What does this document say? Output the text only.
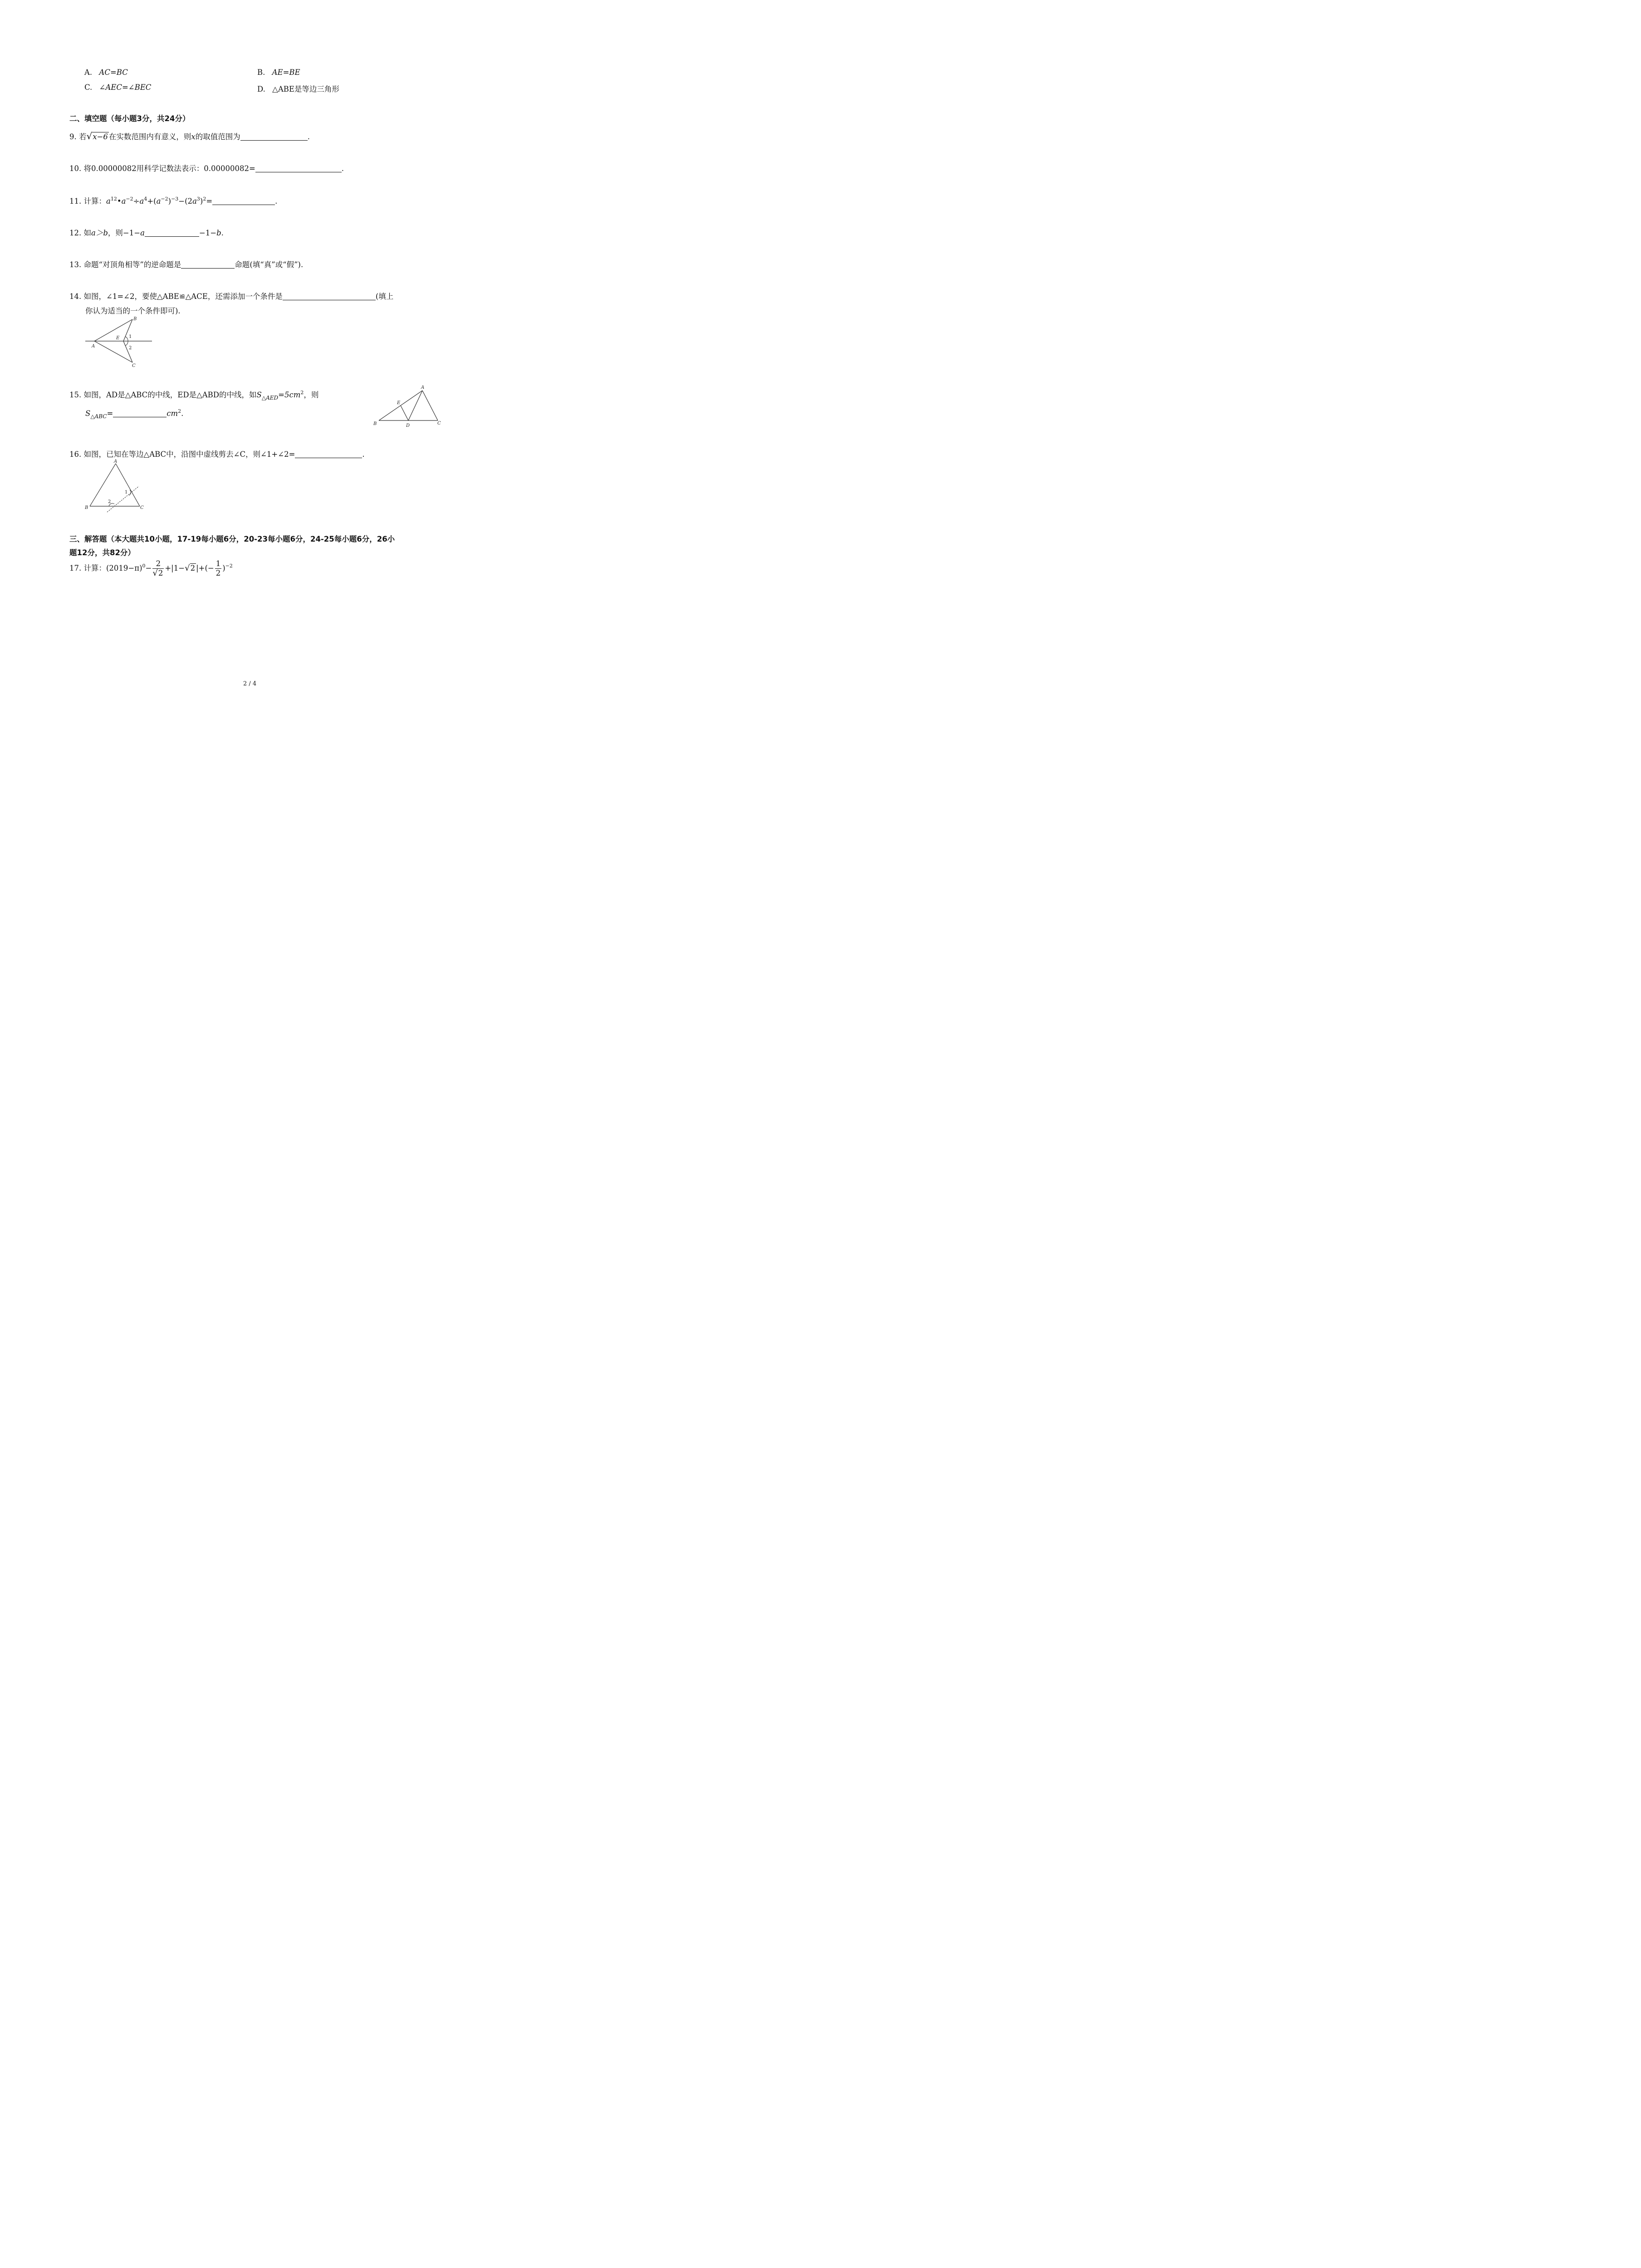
A. AC=BC	B. AE=BE
C. ∠AEC=∠BEC	D. △ABE是等边三角形
二、填空题（每小题3分，共24分）
9. 若√x−6 在实数范围内有意义，则x的取值范围为	.
10. 将0.00000082用科学记数法表示：0.00000082=	.
11. 计算：$a^{12}•a^{-2}\div a^4+(a^{-2})^{-3}-(2a^3)^2=$	.
12. 如a＞b，则−1−a	−1−b.
13. 命题“对顶角相等”的逆命题是	命题(填“真”或“假”).
14. 如图，∠1=∠2，要使△ABE≌△ACE，还需添加一个条件是	(填上
你认为适当的一个条件即可).
A
B
C
E 1
2
15. 如图，AD是△ABC的中线，ED是△ABD的中线，如$S_{\triangle AED}=5cm^2$，则
$S_{\triangle ABC}=$	$cm^2$.
A
B	C
D
E
16. 如图，已知在等边△ABC中，沿图中虚线剪去∠C，则∠1+∠2=	.
A
B	C
1
2
三、解答题（本大题共10小题，17-19每小题6分，20-23每小题6分，24-25每小题6分，26小
题12分，共82分）
17. 计算：$(2019-\pi)^0- \frac{2}{√2} +|1-√2$ |+(− $\frac{1}{2} )^{-2}$
2 / 4
